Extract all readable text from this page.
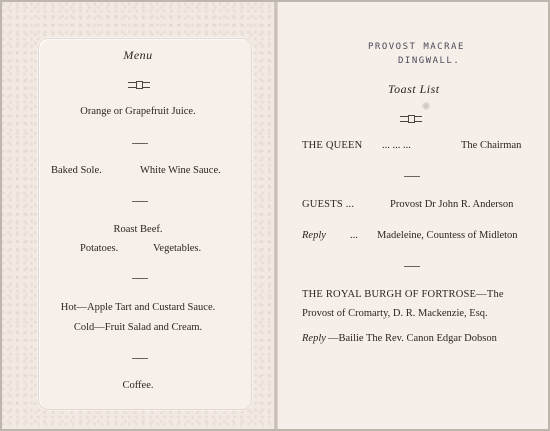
Menu
Orange or Grapefruit Juice.
Baked Sole.	White Wine Sauce.
Roast Beef.
Potatoes.	Vegetables.
Hot—Apple Tart and Custard Sauce.
Cold—Fruit Salad and Cream.
Coffee.
PROVOST MACRAE
DINGWALL.
Toast List
THE QUEEN ... ... ...	The Chairman
GUESTS ...	Provost Dr John R. Anderson
Reply ... Madeleine, Countess of Midleton
THE ROYAL BURGH OF FORTROSE—The
Provost of Cromarty, D. R. Mackenzie, Esq.
Reply —Bailie The Rev. Canon Edgar Dobson
